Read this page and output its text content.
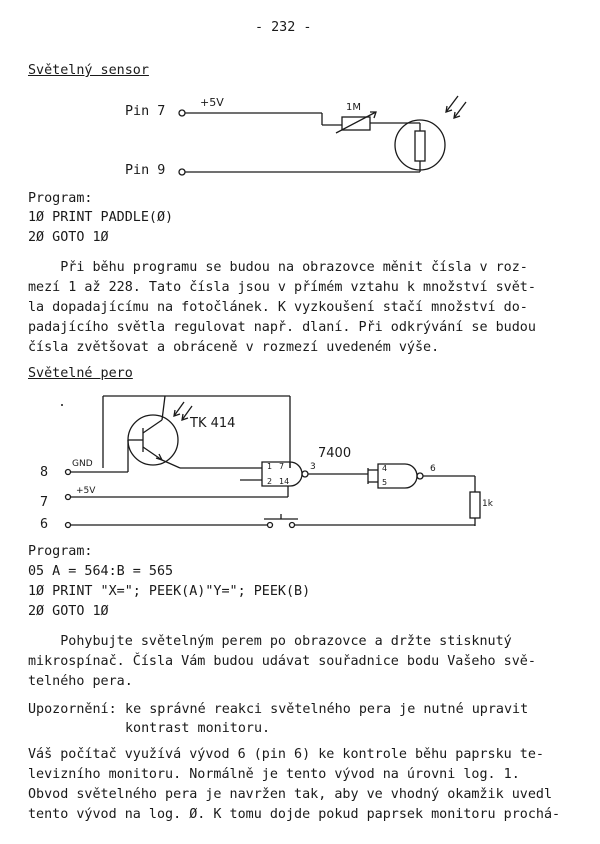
- 232 -
Světelný sensor
Pin 7
Pin 9
+5V	1M
Program:
1Ø PRINT PADDLE(Ø)
2Ø GOTO 1Ø
Při běhu programu se budou na obrazovce měnit čísla v roz-
mezí 1 až 228. Tato čísla jsou v přímém vztahu k množství svět-
la dopadajícímu na fotočlánek. K vyzkoušení stačí množství do-
padajícího světla regulovat např. dlaní. Při odkrývání se budou
čísla zvětšovat a obráceně v rozmezí uvedeném výše.
Světelné pero
TK 414
7400
8
7
6
GND
+5V
1k
1 7
2 14
3	4
5
6
Program:
05 A = 564:B = 565
1Ø PRINT "X="; PEEK(A)"Y="; PEEK(B)
2Ø GOTO 1Ø
Pohybujte světelným perem po obrazovce a držte stisknutý
mikrospínač. Čísla Vám budou udávat souřadnice bodu Vašeho svě-
telného pera.
Upozornění: ke správné reakci světelného pera je nutné upravit
kontrast monitoru.
Váš počítač využívá vývod 6 (pin 6) ke kontrole běhu paprsku te-
levizního monitoru. Normálně je tento vývod na úrovni log. 1.
Obvod světelného pera je navržen tak, aby ve vhodný okamžik uvedl
tento vývod na log. Ø. K tomu dojde pokud paprsek monitoru prochá-
